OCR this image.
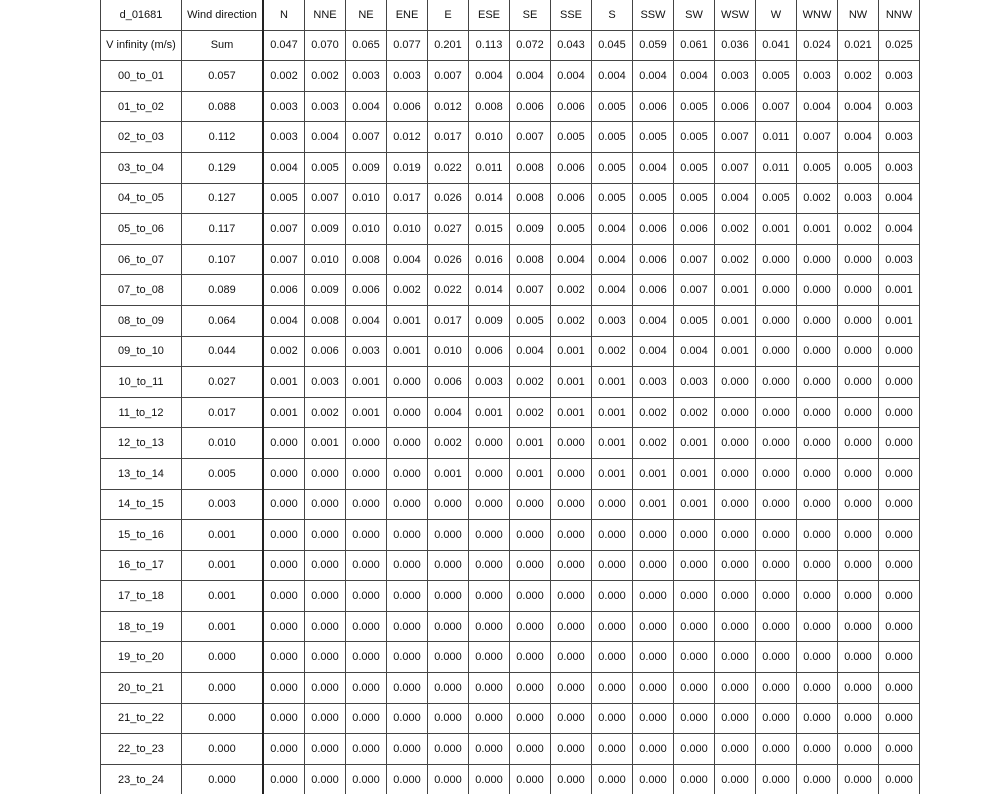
d_01681	Wind direction	N	NNE	NE	ENE	E	ESE	SE	SSE	S	SSW	SW	WSW	W	WNW	NW	NNW
V infinity (m/s)	Sum	0.047	0.070	0.065	0.077	0.201	0.113	0.072	0.043	0.045	0.059	0.061	0.036	0.041	0.024	0.021	0.025
00_to_01	0.057	0.002	0.002	0.003	0.003	0.007	0.004	0.004	0.004	0.004	0.004	0.004	0.003	0.005	0.003	0.002	0.003
01_to_02	0.088	0.003	0.003	0.004	0.006	0.012	0.008	0.006	0.006	0.005	0.006	0.005	0.006	0.007	0.004	0.004	0.003
02_to_03	0.112	0.003	0.004	0.007	0.012	0.017	0.010	0.007	0.005	0.005	0.005	0.005	0.007	0.011	0.007	0.004	0.003
03_to_04	0.129	0.004	0.005	0.009	0.019	0.022	0.011	0.008	0.006	0.005	0.004	0.005	0.007	0.011	0.005	0.005	0.003
04_to_05	0.127	0.005	0.007	0.010	0.017	0.026	0.014	0.008	0.006	0.005	0.005	0.005	0.004	0.005	0.002	0.003	0.004
05_to_06	0.117	0.007	0.009	0.010	0.010	0.027	0.015	0.009	0.005	0.004	0.006	0.006	0.002	0.001	0.001	0.002	0.004
06_to_07	0.107	0.007	0.010	0.008	0.004	0.026	0.016	0.008	0.004	0.004	0.006	0.007	0.002	0.000	0.000	0.000	0.003
07_to_08	0.089	0.006	0.009	0.006	0.002	0.022	0.014	0.007	0.002	0.004	0.006	0.007	0.001	0.000	0.000	0.000	0.001
08_to_09	0.064	0.004	0.008	0.004	0.001	0.017	0.009	0.005	0.002	0.003	0.004	0.005	0.001	0.000	0.000	0.000	0.001
09_to_10	0.044	0.002	0.006	0.003	0.001	0.010	0.006	0.004	0.001	0.002	0.004	0.004	0.001	0.000	0.000	0.000	0.000
10_to_11	0.027	0.001	0.003	0.001	0.000	0.006	0.003	0.002	0.001	0.001	0.003	0.003	0.000	0.000	0.000	0.000	0.000
11_to_12	0.017	0.001	0.002	0.001	0.000	0.004	0.001	0.002	0.001	0.001	0.002	0.002	0.000	0.000	0.000	0.000	0.000
12_to_13	0.010	0.000	0.001	0.000	0.000	0.002	0.000	0.001	0.000	0.001	0.002	0.001	0.000	0.000	0.000	0.000	0.000
13_to_14	0.005	0.000	0.000	0.000	0.000	0.001	0.000	0.001	0.000	0.001	0.001	0.001	0.000	0.000	0.000	0.000	0.000
14_to_15	0.003	0.000	0.000	0.000	0.000	0.000	0.000	0.000	0.000	0.000	0.001	0.001	0.000	0.000	0.000	0.000	0.000
15_to_16	0.001	0.000	0.000	0.000	0.000	0.000	0.000	0.000	0.000	0.000	0.000	0.000	0.000	0.000	0.000	0.000	0.000
16_to_17	0.001	0.000	0.000	0.000	0.000	0.000	0.000	0.000	0.000	0.000	0.000	0.000	0.000	0.000	0.000	0.000	0.000
17_to_18	0.001	0.000	0.000	0.000	0.000	0.000	0.000	0.000	0.000	0.000	0.000	0.000	0.000	0.000	0.000	0.000	0.000
18_to_19	0.001	0.000	0.000	0.000	0.000	0.000	0.000	0.000	0.000	0.000	0.000	0.000	0.000	0.000	0.000	0.000	0.000
19_to_20	0.000	0.000	0.000	0.000	0.000	0.000	0.000	0.000	0.000	0.000	0.000	0.000	0.000	0.000	0.000	0.000	0.000
20_to_21	0.000	0.000	0.000	0.000	0.000	0.000	0.000	0.000	0.000	0.000	0.000	0.000	0.000	0.000	0.000	0.000	0.000
21_to_22	0.000	0.000	0.000	0.000	0.000	0.000	0.000	0.000	0.000	0.000	0.000	0.000	0.000	0.000	0.000	0.000	0.000
22_to_23	0.000	0.000	0.000	0.000	0.000	0.000	0.000	0.000	0.000	0.000	0.000	0.000	0.000	0.000	0.000	0.000	0.000
23_to_24	0.000	0.000	0.000	0.000	0.000	0.000	0.000	0.000	0.000	0.000	0.000	0.000	0.000	0.000	0.000	0.000	0.000
